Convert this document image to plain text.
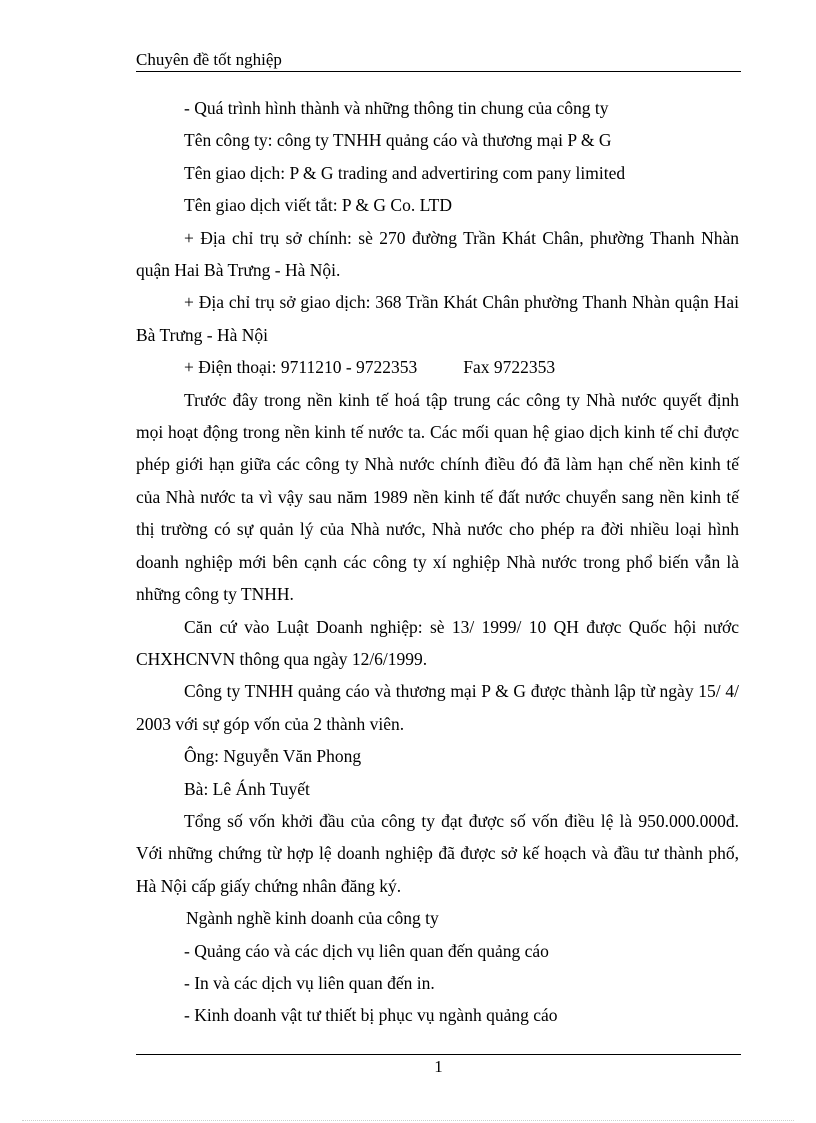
Chuyên đề tốt nghiệp

- Quá trình hình thành và những thông tin chung của công ty

Tên công ty: công ty TNHH quảng cáo và thương mại P & G

Tên giao dịch: P & G trading and advertiring com pany limited

Tên giao dịch viết tắt: P & G Co. LTD

+ Địa chỉ trụ sở chính: sè 270 đường Trần Khát Chân, phường Thanh Nhàn quận Hai Bà Trưng - Hà Nội.

+ Địa chỉ trụ sở giao dịch: 368 Trần Khát Chân phường Thanh Nhàn quận Hai Bà Trưng - Hà Nội

+ Điện thoại: 9711210 - 9722353	Fax 9722353

Trước đây trong nền kinh tế hoá tập trung các công ty Nhà nước quyết định mọi hoạt động trong nền kinh tế nước ta. Các mối quan hệ giao dịch kinh tế chỉ được phép giới hạn giữa các công ty Nhà nước chính điều đó đã làm hạn chế nền kinh tế của Nhà nước ta vì vậy sau năm 1989 nền kinh tế đất nước chuyển sang nền kinh tế thị trường có sự quản lý của Nhà nước, Nhà nước cho phép ra đời nhiều loại hình doanh nghiệp mới bên cạnh các công ty xí nghiệp Nhà nước trong phổ biến vẫn là những công ty TNHH.

Căn cứ vào Luật Doanh nghiệp: sè 13/ 1999/ 10 QH được Quốc hội nước CHXHCNVN thông qua ngày 12/6/1999.

Công ty TNHH quảng cáo và thương mại P & G được thành lập từ ngày 15/ 4/ 2003 với sự góp vốn của 2 thành viên.

Ông: Nguyễn Văn Phong

Bà: Lê Ánh Tuyết

Tổng số vốn khởi đầu của công ty đạt được số vốn điều lệ là 950.000.000đ. Với những chứng từ hợp lệ doanh nghiệp đã được sở kế hoạch và đầu tư thành phố, Hà Nội cấp giấy chứng nhân đăng ký.

Ngành nghề kinh doanh của công ty

- Quảng cáo và các dịch vụ liên quan đến quảng cáo

- In và các dịch vụ liên quan đến in.

- Kinh doanh vật tư thiết bị phục vụ ngành quảng cáo

1
